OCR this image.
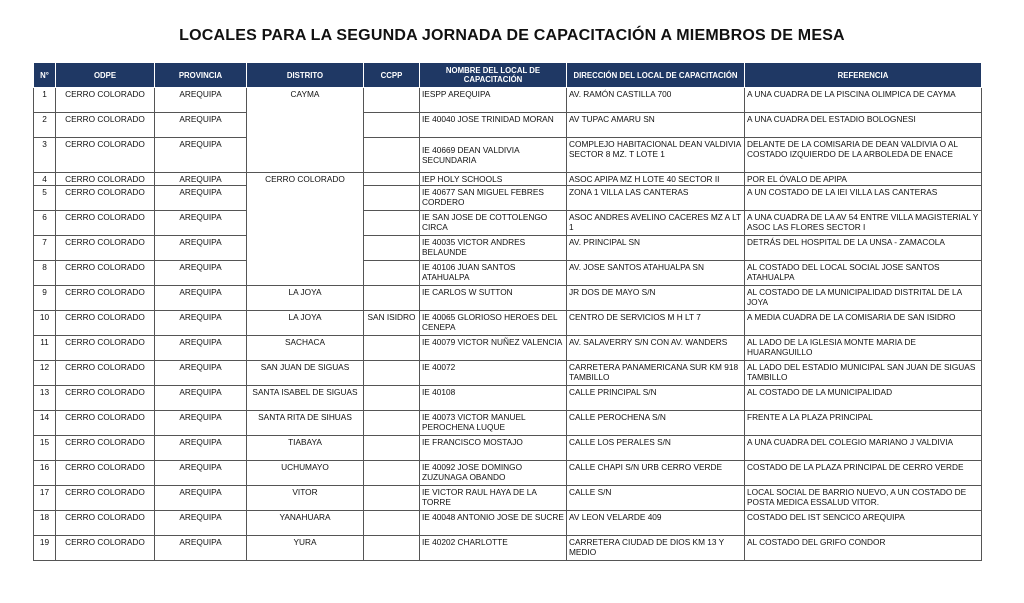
LOCALES PARA LA SEGUNDA JORNADA DE CAPACITACIÓN A MIEMBROS DE MESA
N°	ODPE	PROVINCIA	DISTRITO	CCPP	NOMBRE DEL LOCAL DE CAPACITACIÓN	DIRECCIÓN DEL LOCAL DE CAPACITACIÓN	REFERENCIA
1	CERRO COLORADO	AREQUIPA	CAYMA		IESPP AREQUIPA	AV. RAMÓN CASTILLA 700	A UNA CUADRA DE LA PISCINA OLIMPICA DE CAYMA
2	CERRO COLORADO	AREQUIPA			IE 40040 JOSE TRINIDAD MORAN	AV TUPAC AMARU SN	A UNA CUADRA DEL ESTADIO BOLOGNESI
3	CERRO COLORADO	AREQUIPA			IE 40669 DEAN VALDIVIA SECUNDARIA	COMPLEJO HABITACIONAL DEAN VALDIVIA SECTOR 8 MZ. T LOTE 1	DELANTE DE LA COMISARIA DE DEAN VALDIVIA O AL COSTADO IZQUIERDO DE LA ARBOLEDA DE ENACE
4	CERRO COLORADO	AREQUIPA	CERRO COLORADO		IEP HOLY SCHOOLS	ASOC APIPA MZ H LOTE 40 SECTOR II	POR EL ÓVALO DE APIPA
5	CERRO COLORADO	AREQUIPA			IE 40677 SAN MIGUEL FEBRES CORDERO	ZONA 1 VILLA LAS CANTERAS	A UN COSTADO DE LA IEI VILLA LAS CANTERAS
6	CERRO COLORADO	AREQUIPA			IE SAN JOSE DE COTTOLENGO CIRCA	ASOC ANDRES AVELINO CACERES MZ A LT 1	A UNA CUADRA DE LA AV 54 ENTRE VILLA MAGISTERIAL Y ASOC LAS FLORES SECTOR I
7	CERRO COLORADO	AREQUIPA			IE 40035 VICTOR ANDRES BELAUNDE	AV. PRINCIPAL SN	DETRÁS DEL HOSPITAL DE LA UNSA - ZAMACOLA
8	CERRO COLORADO	AREQUIPA			IE 40106 JUAN SANTOS ATAHUALPA	AV. JOSE SANTOS ATAHUALPA SN	AL COSTADO DEL LOCAL SOCIAL JOSE SANTOS ATAHUALPA
9	CERRO COLORADO	AREQUIPA	LA JOYA		IE CARLOS W SUTTON	JR DOS DE MAYO S/N	AL COSTADO DE LA MUNICIPALIDAD DISTRITAL DE LA JOYA
10	CERRO COLORADO	AREQUIPA	LA JOYA	SAN ISIDRO	IE 40065 GLORIOSO HEROES DEL CENEPA	CENTRO DE SERVICIOS M H LT 7	A MEDIA CUADRA DE LA COMISARIA DE SAN ISIDRO
11	CERRO COLORADO	AREQUIPA	SACHACA		IE 40079 VICTOR NUÑEZ VALENCIA	AV. SALAVERRY S/N CON AV. WANDERS	AL LADO DE LA IGLESIA MONTE MARIA DE HUARANGUILLO
12	CERRO COLORADO	AREQUIPA	SAN JUAN DE SIGUAS		IE 40072	CARRETERA PANAMERICANA SUR KM 918 TAMBILLO	AL LADO DEL ESTADIO MUNICIPAL SAN JUAN DE SIGUAS TAMBILLO
13	CERRO COLORADO	AREQUIPA	SANTA ISABEL DE SIGUAS		IE 40108	CALLE PRINCIPAL S/N	AL COSTADO DE LA MUNICIPALIDAD
14	CERRO COLORADO	AREQUIPA	SANTA RITA DE SIHUAS		IE 40073 VICTOR MANUEL PEROCHENA LUQUE	CALLE PEROCHENA S/N	FRENTE A LA PLAZA PRINCIPAL
15	CERRO COLORADO	AREQUIPA	TIABAYA		IE FRANCISCO MOSTAJO	CALLE LOS PERALES S/N	A UNA CUADRA DEL COLEGIO MARIANO J VALDIVIA
16	CERRO COLORADO	AREQUIPA	UCHUMAYO		IE 40092 JOSE DOMINGO ZUZUNAGA OBANDO	CALLE CHAPI S/N URB CERRO VERDE	COSTADO DE LA PLAZA PRINCIPAL DE CERRO VERDE
17	CERRO COLORADO	AREQUIPA	VITOR		IE VICTOR RAUL HAYA DE LA TORRE	CALLE S/N	LOCAL SOCIAL DE BARRIO NUEVO, A UN COSTADO DE POSTA MEDICA ESSALUD VITOR.
18	CERRO COLORADO	AREQUIPA	YANAHUARA		IE 40048 ANTONIO JOSE DE SUCRE	AV LEON VELARDE 409	COSTADO DEL IST SENCICO AREQUIPA
19	CERRO COLORADO	AREQUIPA	YURA		IE 40202 CHARLOTTE	CARRETERA CIUDAD DE DIOS KM 13 Y MEDIO	AL COSTADO DEL GRIFO CONDOR
